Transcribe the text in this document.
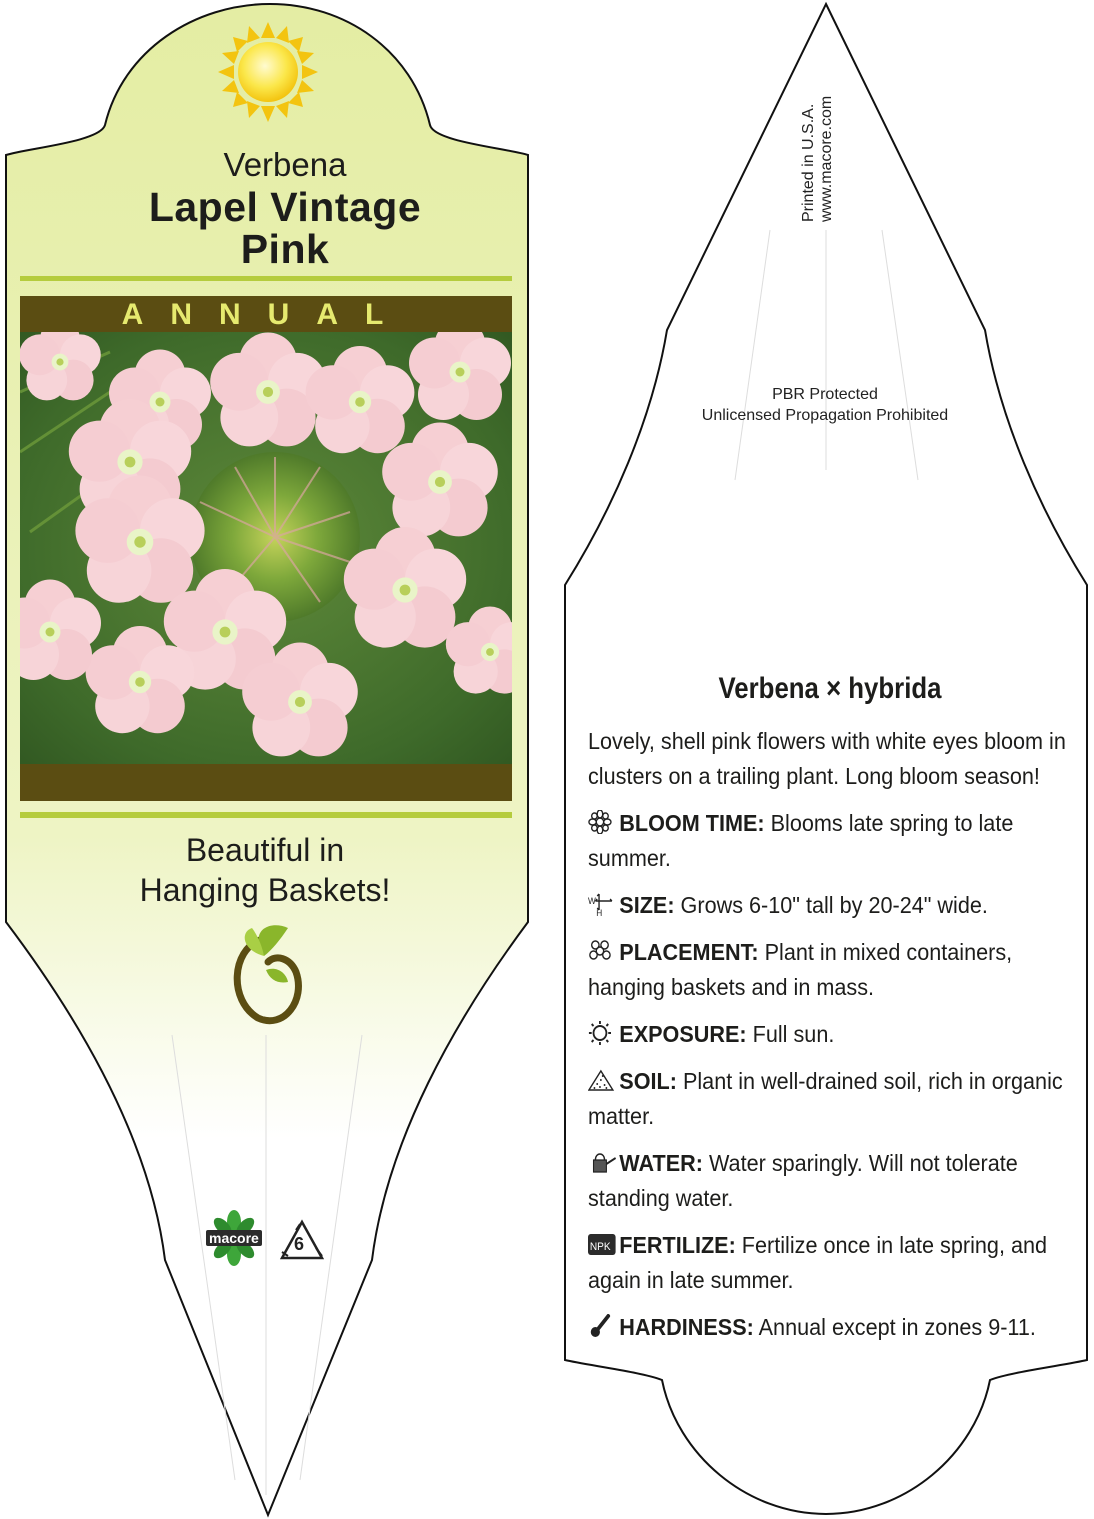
Verbena
Lapel Vintage
Pink
ANNUAL
Beautiful in
Hanging Baskets!
macore 6
Printed in U.S.A. www.macore.com
PBR Protected
Unlicensed Propagation Prohibited
Verbena × hybrida

Lovely, shell pink flowers with white eyes bloom in clusters on a trailing plant. Long bloom season!

BLOOM TIME: Blooms late spring to late summer.

W
H SIZE: Grows 6-10" tall by 20-24" wide.

PLACEMENT: Plant in mixed containers, hanging baskets and in mass.

EXPOSURE: Full sun.

SOIL: Plant in well-drained soil, rich in organic matter.

WATER: Water sparingly. Will not tolerate standing water.

NPK FERTILIZE: Fertilize once in late spring, and again in late summer.

HARDINESS: Annual except in zones 9-11.
